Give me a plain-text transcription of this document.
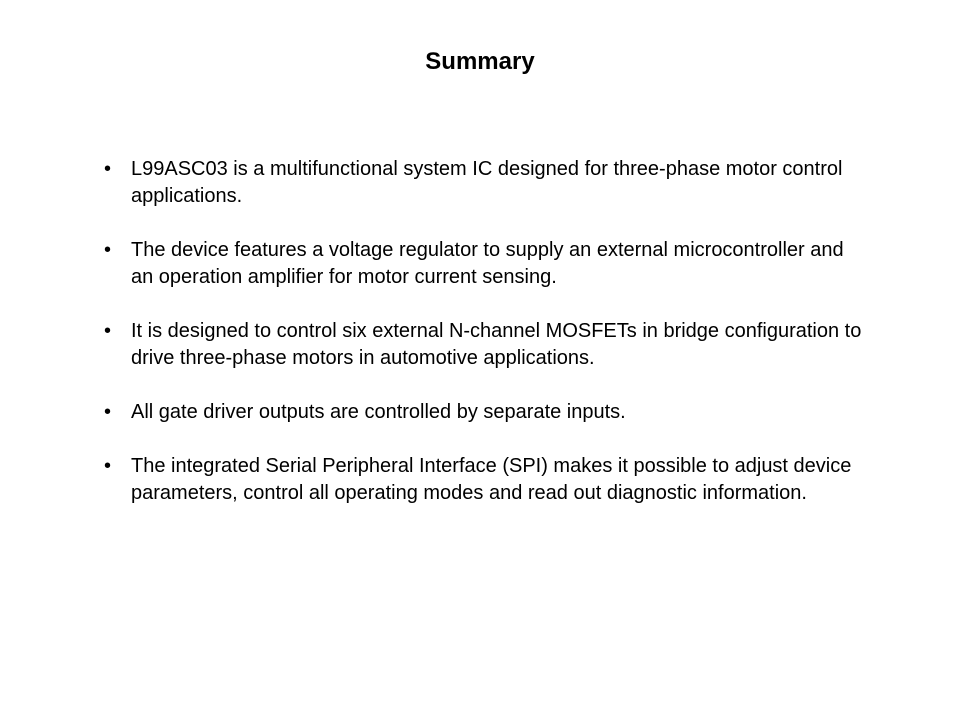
Summary
• L99ASC03 is a multifunctional system IC designed for three-phase motor control applications.
• The device features a voltage regulator to supply an external microcontroller and an operation amplifier for motor current sensing.
• It is designed to control six external N-channel MOSFETs in bridge configuration to drive three-phase motors in automotive applications.
• All gate driver outputs are controlled by separate inputs.
• The integrated Serial Peripheral Interface (SPI) makes it possible to adjust device parameters, control all operating modes and read out diagnostic information.
